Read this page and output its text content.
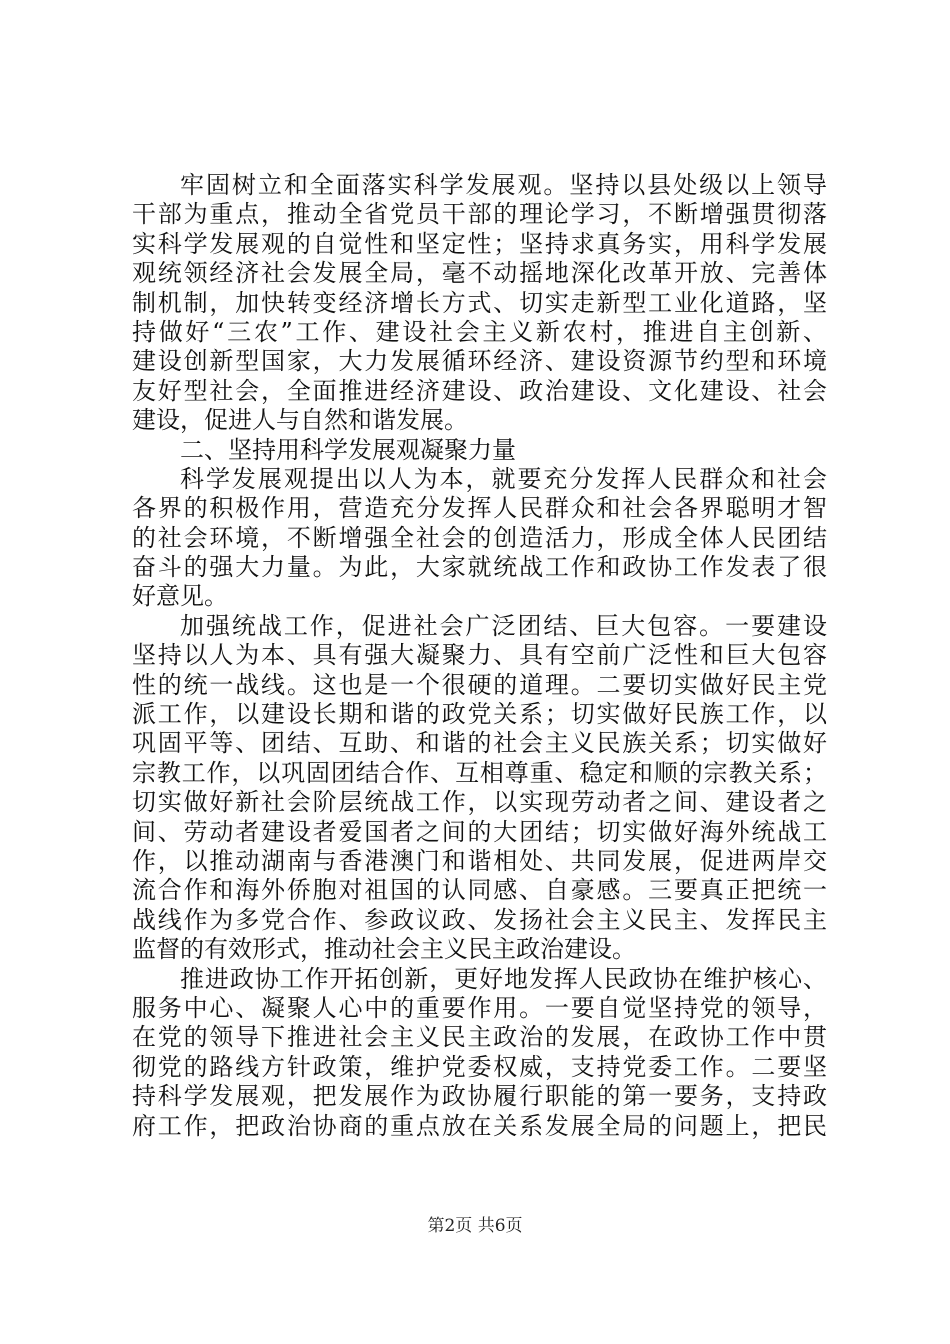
牢固树立和全面落实科学发展观。坚持以县处级以上领导
干部为重点，推动全省党员干部的理论学习，不断增强贯彻落
实科学发展观的自觉性和坚定性；坚持求真务实，用科学发展
观统领经济社会发展全局，毫不动摇地深化改革开放、完善体
制机制，加快转变经济增长方式、切实走新型工业化道路，坚
持做好“三农”工作、建设社会主义新农村，推进自主创新、
建设创新型国家，大力发展循环经济、建设资源节约型和环境
友好型社会，全面推进经济建设、政治建设、文化建设、社会
建设，促进人与自然和谐发展。
二、坚持用科学发展观凝聚力量
科学发展观提出以人为本，就要充分发挥人民群众和社会
各界的积极作用，营造充分发挥人民群众和社会各界聪明才智
的社会环境，不断增强全社会的创造活力，形成全体人民团结
奋斗的强大力量。为此，大家就统战工作和政协工作发表了很
好意见。
加强统战工作，促进社会广泛团结、巨大包容。一要建设
坚持以人为本、具有强大凝聚力、具有空前广泛性和巨大包容
性的统一战线。这也是一个很硬的道理。二要切实做好民主党
派工作，以建设长期和谐的政党关系；切实做好民族工作，以
巩固平等、团结、互助、和谐的社会主义民族关系；切实做好
宗教工作，以巩固团结合作、互相尊重、稳定和顺的宗教关系；
切实做好新社会阶层统战工作，以实现劳动者之间、建设者之
间、劳动者建设者爱国者之间的大团结；切实做好海外统战工
作，以推动湖南与香港澳门和谐相处、共同发展，促进两岸交
流合作和海外侨胞对祖国的认同感、自豪感。三要真正把统一
战线作为多党合作、参政议政、发扬社会主义民主、发挥民主
监督的有效形式，推动社会主义民主政治建设。
推进政协工作开拓创新，更好地发挥人民政协在维护核心、
服务中心、凝聚人心中的重要作用。一要自觉坚持党的领导，
在党的领导下推进社会主义民主政治的发展，在政协工作中贯
彻党的路线方针政策，维护党委权威，支持党委工作。二要坚
持科学发展观，把发展作为政协履行职能的第一要务，支持政
府工作，把政治协商的重点放在关系发展全局的问题上，把民
第2页 共6页
